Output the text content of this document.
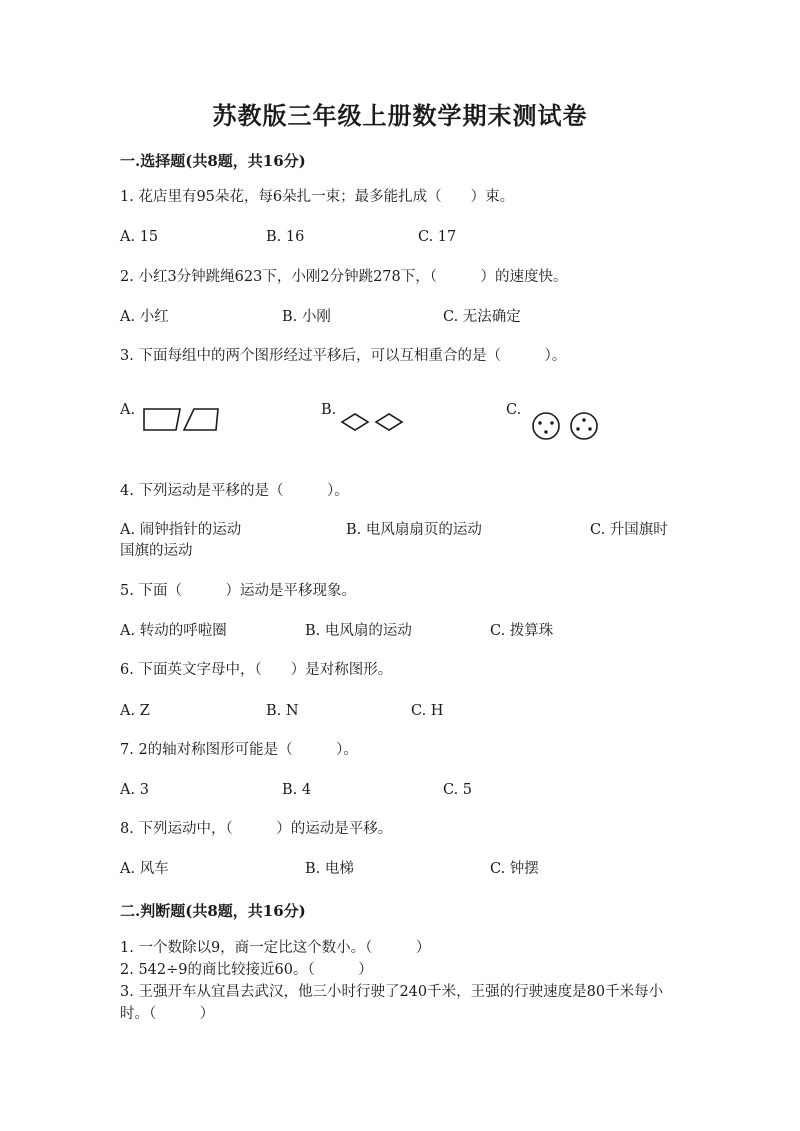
苏教版三年级上册数学期末测试卷
一.选择题(共8题，共16分)
1. 花店里有95朵花，每6朵扎一束；最多能扎成（　　）束。
A. 15	B. 16	C. 17
2. 小红3分钟跳绳623下，小刚2分钟跳278下，（　　　）的速度快。
A. 小红	B. 小刚	C. 无法确定
3. 下面每组中的两个图形经过平移后，可以互相重合的是（　　　）。
A.	B.	C.
4. 下列运动是平移的是（　　　）。
A. 闹钟指针的运动	B. 电风扇扇页的运动	C. 升国旗时
国旗的运动
5. 下面（　　　）运动是平移现象。
A. 转动的呼啦圈	B. 电风扇的运动	C. 拨算珠
6. 下面英文字母中，（　　）是对称图形。
A. Z	B. N	C. H
7. 2的轴对称图形可能是（　　　）。
A. 3	B. 4	C. 5
8. 下列运动中，（　　　）的运动是平移。
A. 风车	B. 电梯	C. 钟摆
二.判断题(共8题，共16分)
1. 一个数除以9，商一定比这个数小。（　　　）
2. 542÷9的商比较接近60。（　　　）
3. 王强开车从宜昌去武汉，他三小时行驶了240千米，王强的行驶速度是80千米每小时。（　　　）
